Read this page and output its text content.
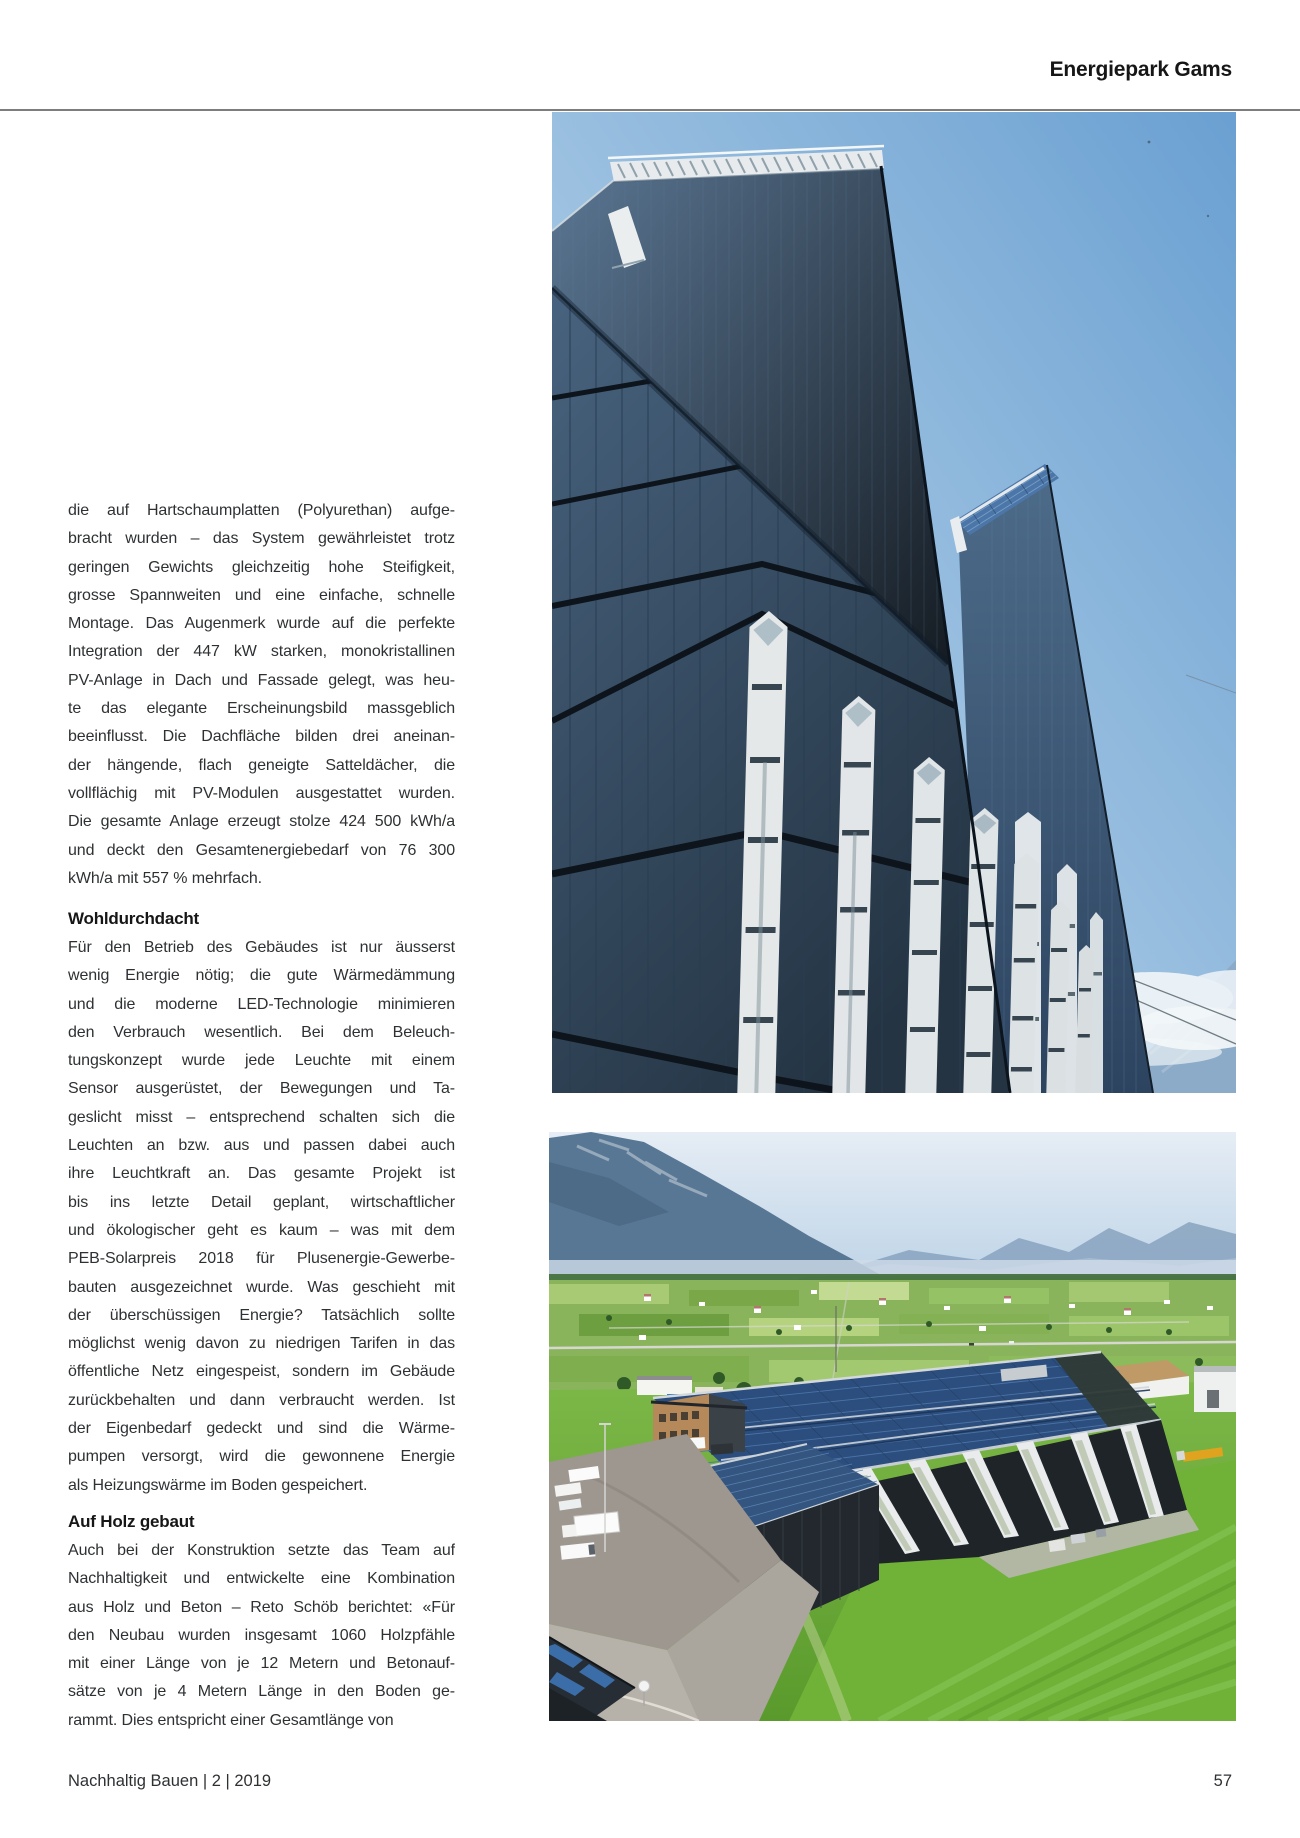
Energiepark Gams
die auf Hartschaumplatten (Polyurethan) aufge-
bracht wurden – das System gewährleistet trotz
geringen Gewichts gleichzeitig hohe Steifigkeit,
grosse Spannweiten und eine einfache, schnelle
Montage. Das Augenmerk wurde auf die perfekte
Integration der 447 kW starken, monokristallinen
PV-Anlage in Dach und Fassade gelegt, was heu-
te das elegante Erscheinungsbild massgeblich
beeinflusst. Die Dachfläche bilden drei aneinan-
der hängende, flach geneigte Satteldächer, die
vollflächig mit PV-Modulen ausgestattet wurden.
Die gesamte Anlage erzeugt stolze 424 500 kWh/a
und deckt den Gesamtenergiebedarf von 76 300
kWh/a mit 557 % mehrfach.
Wohldurchdacht
Für den Betrieb des Gebäudes ist nur äusserst
wenig Energie nötig; die gute Wärmedämmung
und die moderne LED-Technologie minimieren
den Verbrauch wesentlich. Bei dem Beleuch-
tungskonzept wurde jede Leuchte mit einem
Sensor ausgerüstet, der Bewegungen und Ta-
geslicht misst – entsprechend schalten sich die
Leuchten an bzw. aus und passen dabei auch
ihre Leuchtkraft an. Das gesamte Projekt ist
bis ins letzte Detail geplant, wirtschaftlicher
und ökologischer geht es kaum – was mit dem
PEB-Solarpreis 2018 für Plusenergie-Gewerbe-
bauten ausgezeichnet wurde. Was geschieht mit
der überschüssigen Energie? Tatsächlich sollte
möglichst wenig davon zu niedrigen Tarifen in das
öffentliche Netz eingespeist, sondern im Gebäude
zurückbehalten und dann verbraucht werden. Ist
der Eigenbedarf gedeckt und sind die Wärme-
pumpen versorgt, wird die gewonnene Energie
als Heizungswärme im Boden gespeichert.
Auf Holz gebaut
Auch bei der Konstruktion setzte das Team auf
Nachhaltigkeit und entwickelte eine Kombination
aus Holz und Beton – Reto Schöb berichtet: «Für
den Neubau wurden insgesamt 1060 Holzpfähle
mit einer Länge von je 12 Metern und Betonauf-
sätze von je 4 Metern Länge in den Boden ge-
rammt. Dies entspricht einer Gesamtlänge von
Nachhaltig Bauen | 2 | 2019	57
